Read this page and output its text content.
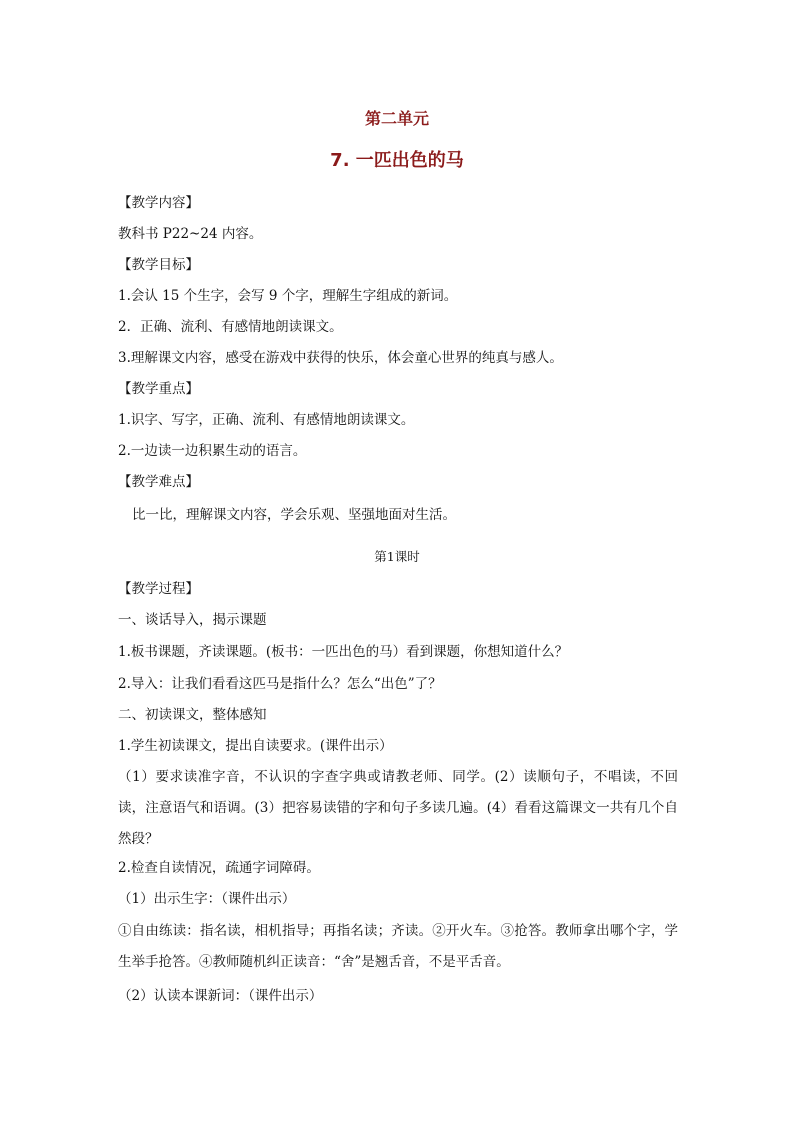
第二单元
7. 一匹出色的马
【教学内容】
教科书 P22~24 内容。
【教学目标】
1.会认 15 个生字，会写 9 个字，理解生字组成的新词。
2．正确、流利、有感情地朗读课文。
3.理解课文内容，感受在游戏中获得的快乐，体会童心世界的纯真与感人。
【教学重点】
1.识字、写字，正确、流利、有感情地朗读课文。
2.一边读一边积累生动的语言。
【教学难点】
比一比，理解课文内容，学会乐观、坚强地面对生活。
第1课时
【教学过程】
一、谈话导入，揭示课题
1.板书课题，齐读课题。(板书：一匹出色的马）看到课题，你想知道什么？
2.导入：让我们看看这匹马是指什么？怎么“出色”了？
二、初读课文，整体感知
1.学生初读课文，提出自读要求。(课件出示）
（1）要求读准字音，不认识的字查字典或请教老师、同学。(2）读顺句子，不唱读，不回读，注意语气和语调。(3）把容易读错的字和句子多读几遍。(4）看看这篇课文一共有几个自然段？
2.检查自读情况，疏通字词障碍。
（1）出示生字：（课件出示）
①自由练读：指名读，相机指导；再指名读；齐读。②开火车。③抢答。教师拿出哪个字，学生举手抢答。④教师随机纠正读音：“舍”是翘舌音，不是平舌音。
（2）认读本课新词：（课件出示）
